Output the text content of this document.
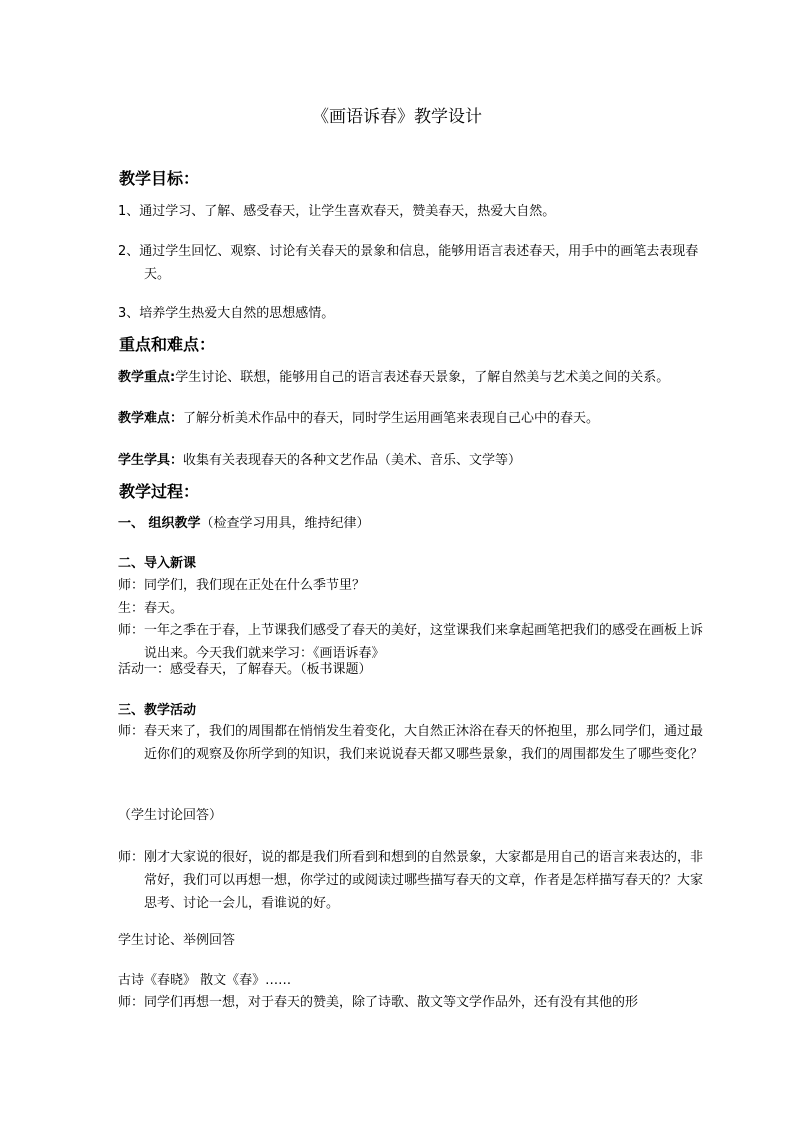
《画语诉春》教学设计
教学目标：
1、通过学习、了解、感受春天，让学生喜欢春天，赞美春天，热爱大自然。
2、通过学生回忆、观察、讨论有关春天的景象和信息，能够用语言表述春天，用手中的画笔去表现春天。
3、培养学生热爱大自然的思想感情。
重点和难点：
教学重点:学生讨论、联想，能够用自己的语言表述春天景象，了解自然美与艺术美之间的关系。
教学难点：了解分析美术作品中的春天，同时学生运用画笔来表现自己心中的春天。
学生学具：收集有关表现春天的各种文艺作品（美术、音乐、文学等）
教学过程：
一、 组织教学（检查学习用具，维持纪律）
二、导入新课
师：同学们，我们现在正处在什么季节里？
生：春天。
师：一年之季在于春，上节课我们感受了春天的美好，这堂课我们来拿起画笔把我们的感受在画板上诉说出来。今天我们就来学习：《画语诉春》
活动一：感受春天，了解春天。（板书课题）
三、教学活动
师：春天来了，我们的周围都在悄悄发生着变化，大自然正沐浴在春天的怀抱里，那么同学们，通过最近你们的观察及你所学到的知识，我们来说说春天都又哪些景象，我们的周围都发生了哪些变化？
（学生讨论回答）
师：刚才大家说的很好，说的都是我们所看到和想到的自然景象，大家都是用自己的语言来表达的，非常好，我们可以再想一想，你学过的或阅读过哪些描写春天的文章，作者是怎样描写春天的？大家思考、讨论一会儿，看谁说的好。
学生讨论、举例回答
古诗《春晓》 散文《春》……
师：同学们再想一想，对于春天的赞美，除了诗歌、散文等文学作品外，还有没有其他的形
